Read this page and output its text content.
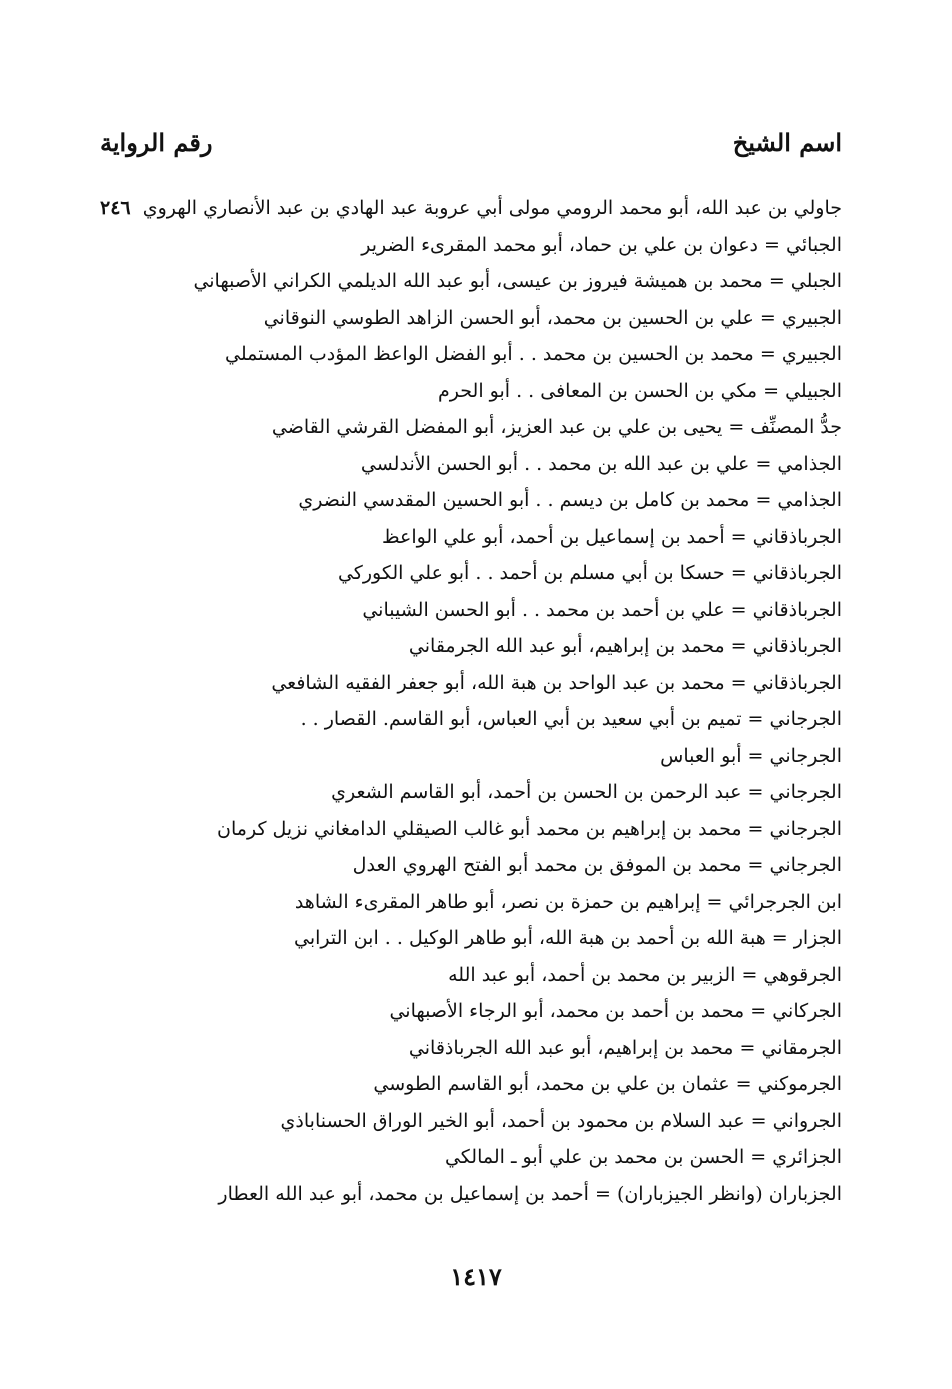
اسم الشيخ
رقم الرواية
جاولي بن عبد الله، أبو محمد الرومي مولى أبي عروبة عبد الهادي بن عبد الأنصاري الهروي
٢٤٦
الجبائي = دعوان بن علي بن حماد، أبو محمد المقرىء الضرير
الجبلي = محمد بن هميشة فيروز بن عيسى، أبو عبد الله الديلمي الكراني الأصبهاني
الجبيري = علي بن الحسين بن محمد، أبو الحسن الزاهد الطوسي النوقاني
الجبيري = محمد بن الحسين بن محمد . . أبو الفضل الواعظ المؤدب المستملي
الجبيلي = مكي بن الحسن بن المعافى . . أبو الحرم
جدُّ المصنِّف = يحيى بن علي بن عبد العزيز، أبو المفضل القرشي القاضي
الجذامي = علي بن عبد الله بن محمد . . أبو الحسن الأندلسي
الجذامي = محمد بن كامل بن ديسم . . أبو الحسين المقدسي النضري
الجرباذقاني = أحمد بن إسماعيل بن أحمد، أبو علي الواعظ
الجرباذقاني = حسكا بن أبي مسلم بن أحمد . . أبو علي الكوركي
الجرباذقاني = علي بن أحمد بن محمد . . أبو الحسن الشيباني
الجرباذقاني = محمد بن إبراهيم، أبو عبد الله الجرمقاني
الجرباذقاني = محمد بن عبد الواحد بن هبة الله، أبو جعفر الفقيه الشافعي
الجرجاني = تميم بن أبي سعيد بن أبي العباس، أبو القاسم. القصار . .
الجرجاني = أبو العباس
الجرجاني = عبد الرحمن بن الحسن بن أحمد، أبو القاسم الشعري
الجرجاني = محمد بن إبراهيم بن محمد أبو غالب الصيقلي الدامغاني نزيل كرمان
الجرجاني = محمد بن الموفق بن محمد أبو الفتح الهروي العدل
ابن الجرجرائي = إبراهيم بن حمزة بن نصر، أبو طاهر المقرىء الشاهد
الجزار = هبة الله بن أحمد بن هبة الله، أبو طاهر الوكيل . . ابن الترابي
الجرقوهي = الزبير بن محمد بن أحمد، أبو عبد الله
الجركاني = محمد بن أحمد بن محمد، أبو الرجاء الأصبهاني
الجرمقاني = محمد بن إبراهيم، أبو عبد الله الجرباذقاني
الجرموكني = عثمان بن علي بن محمد، أبو القاسم الطوسي
الجرواني = عبد السلام بن محمود بن أحمد، أبو الخير الوراق الحسناباذي
الجزائري = الحسن بن محمد بن علي أبو ـ المالكي
الجزباران (وانظر الجيزباران) = أحمد بن إسماعيل بن محمد، أبو عبد الله العطار
١٤١٧
